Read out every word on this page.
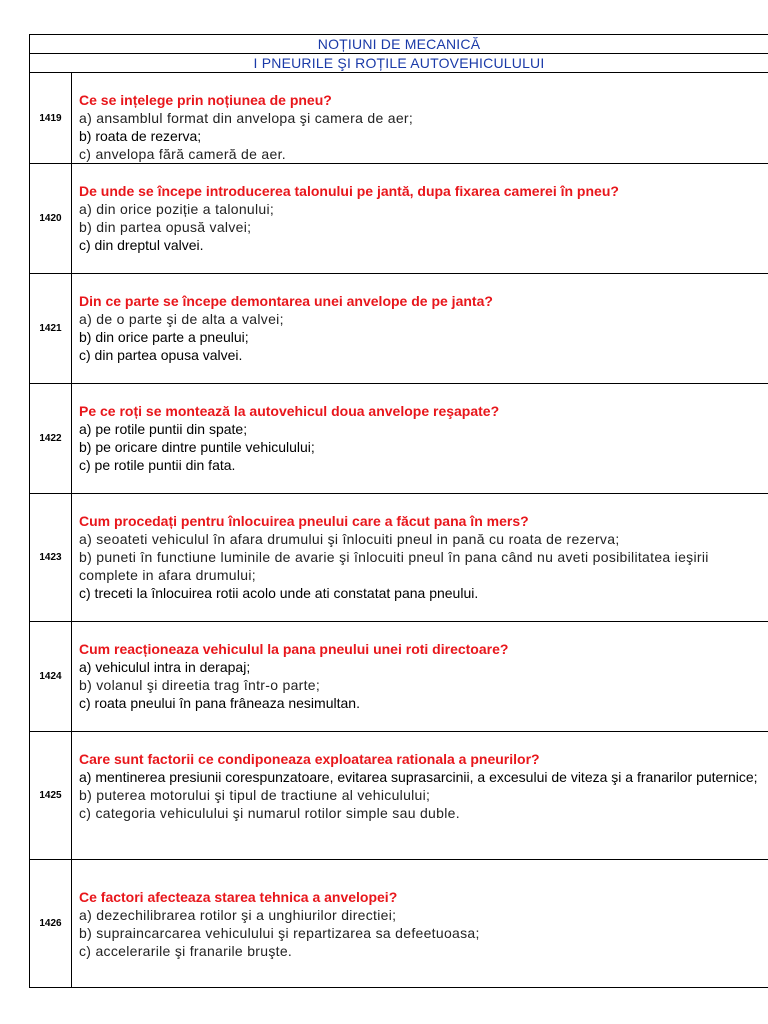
NOȚIUNI DE MECANICĂ	
I PNEURILE ŞI ROȚILE AUTOVEHICULULUI	
1419	Ce se ințelege prin noțiunea de pneu?

a) ansamblul format din anvelopa şi camera de aer;

b) roata de rezerva;

c) anvelopa fără cameră de aer.

1420	De unde se începe introducerea talonului pe jantă, dupa fixarea camerei în pneu?

a) din orice poziție a talonului;

b) din partea opusă valvei;

c) din dreptul valvei.

1421	Din ce parte se începe demontarea unei anvelope de pe janta?

a) de o parte şi de alta a valvei;

b) din orice parte a pneului;

c) din partea opusa valvei.

1422	Pe ce roți se montează la autovehicul doua anvelope reşapate?

a) pe rotile puntii din spate;

b) pe oricare dintre puntile vehiculului;

c) pe rotile puntii din fata.

1423	Cum procedați pentru înlocuirea pneului care a făcut pana în mers?

a) seoateti vehiculul în afara drumului şi înlocuiti pneul in pană cu roata de rezerva;

b) puneti în functiune luminile de avarie şi înlocuiti pneul în pana când nu aveti posibilitatea ieşirii complete in afara drumului;

c) treceti la înlocuirea rotii acolo unde ati constatat pana pneului.

1424	Cum reacționeaza vehiculul la pana pneului unei roti directoare?

a) vehiculul intra in derapaj;

b) volanul şi direetia trag într-o parte;

c) roata pneului în pana frâneaza nesimultan.

1425	Care sunt factorii ce condiponeaza exploatarea rationala a pneurilor?

a) mentinerea presiunii corespunzatoare, evitarea suprasarcinii, a excesului de viteza şi a franarilor puternice;

b) puterea motorului şi tipul de tractiune al vehiculului;

c) categoria vehiculului şi numarul rotilor simple sau duble.

1426	Ce factori afecteaza starea tehnica a anvelopei?

a) dezechilibrarea rotilor şi a unghiurilor directiei;

b) supraincarcarea vehiculului şi repartizarea sa defeetuoasa;

c) accelerarile şi franarile bruşte.
